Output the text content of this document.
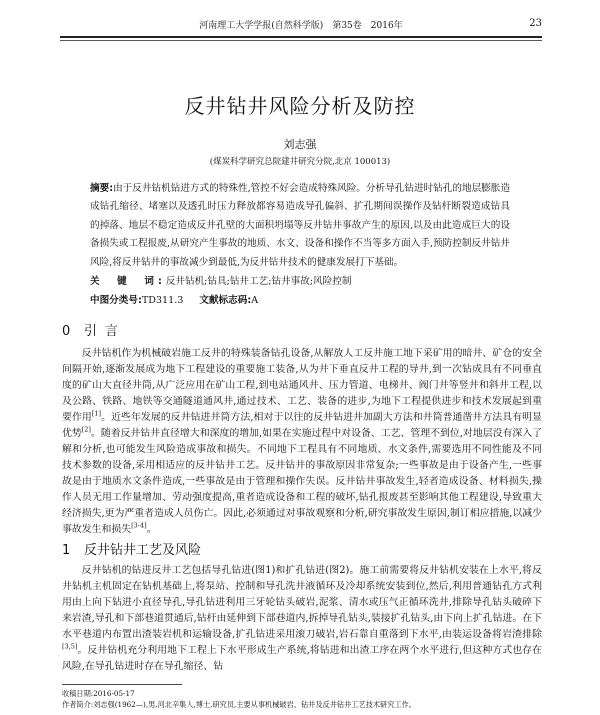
河南理工大学学报(自然科学版)　第35卷　2016年	23
反井钻井风险分析及防控
刘志强
(煤炭科学研究总院建井研究分院,北京 100013)
摘要:由于反井钻机钻进方式的特殊性,管控不好会造成特殊风险。分析导孔钻进时钻孔的地层膨胀造成钻孔缩径、堵塞以及透孔时压力释放都容易造成导孔偏斜、扩孔期间误操作及钻杆断裂造成钻具的掉落、地层不稳定造成反井孔壁的大面积坍塌等反井钻井事故产生的原因,以及由此造成巨大的设备损失或工程报废,从研究产生事故的地质、水文、设备和操作不当等多方面入手,预防控制反井钻井风险,将反井钻井的事故减少到最低,为反井钻井技术的健康发展打下基础。
关　键　词:反井钻机;钻具;钻井工艺;钻井事故;风险控制
中图分类号:TD311.3 文献标志码:A
0 引言

反井钻机作为机械破岩施工反井的特殊装备钻孔设备,从解放人工反井施工地下采矿用的暗井、矿仓的安全间隔开始,逐渐发展成为地下工程建设的重要施工装备,从为井下垂直反井工程的导井,到一次钻成具有不同垂直度的矿山大直径井筒,从广泛应用在矿山工程,到电站通风井、压力管道、电梯井、阀门井等竖井和斜井工程,以及公路、铁路、地铁等交通隧道通风井,通过技术、工艺、装备的进步,为地下工程提供进步和技术发展起到重要作用[1]。近些年发展的反井钻进井筒方法,相对于以往的反井钻进井加副大方法和井筒普通凿井方法具有明显优势[2]。随着反井钻井直径增大和深度的增加,如果在实施过程中对设备、工艺、管理不到位,对地层没有深入了解和分析,也可能发生风险造成事故和损失。不同地下工程具有不同地质、水文条件,需要选用不同性能及不同技术参数的设备,采用相适应的反井钻井工艺。反井钻井的事故原因非常复杂;一些事故是由于设备产生,一些事故是由于地质水文条件造成,一些事故是由于管理和操作失误。反井钻井事故发生,轻者造成设备、材料损失,操作人员无用工作量增加、劳动强度提高,重者造成设备和工程的破坏,钻孔报废甚至影响其他工程建设,导致重大经济损失,更为严重者造成人员伤亡。因此,必须通过对事故观察和分析,研究事故发生原因,制订相应措施,以减少事故发生和损失[3-4]。

1 反井钻井工艺及风险

反井钻机的钻进反井工艺包括导孔钻进(图1)和扩孔钻进(图2)。施工前需要将反井钻机安装在上水平,将反井钻机主机固定在钻机基础上,将泵站、控制和导孔洗井液循环及冷却系统安装到位,然后,利用普通钻孔方式利用由上向下钻进小直径导孔,导孔钻进利用三牙轮钻头破岩,泥浆、清水或压气正循环洗井,排除导孔钻头破碎下来岩渣,导孔和下部巷道贯通后,钻杆由延伸到下部巷道内,拆掉导孔钻头,装接扩孔钻头,由下向上扩孔钻进。在下水平巷道内布置出渣装岩机和运输设备,扩孔钻进采用滚刀破岩,岩石靠自重落到下水平,由装运设备将岩渣排除[3,5]。反井钻机充分利用地下工程上下水平形成生产系统,将钻进和出渣工序在两个水平进行,但这种方式也存在风险,在导孔钻进时存在导孔缩径、钻

收稿日期:2016-05-17
作者简介:刘志强(1962—),男,河北辛集人,博士,研究员,主要从事机械破岩、钻井及反井钻井工艺技术研究工作。
